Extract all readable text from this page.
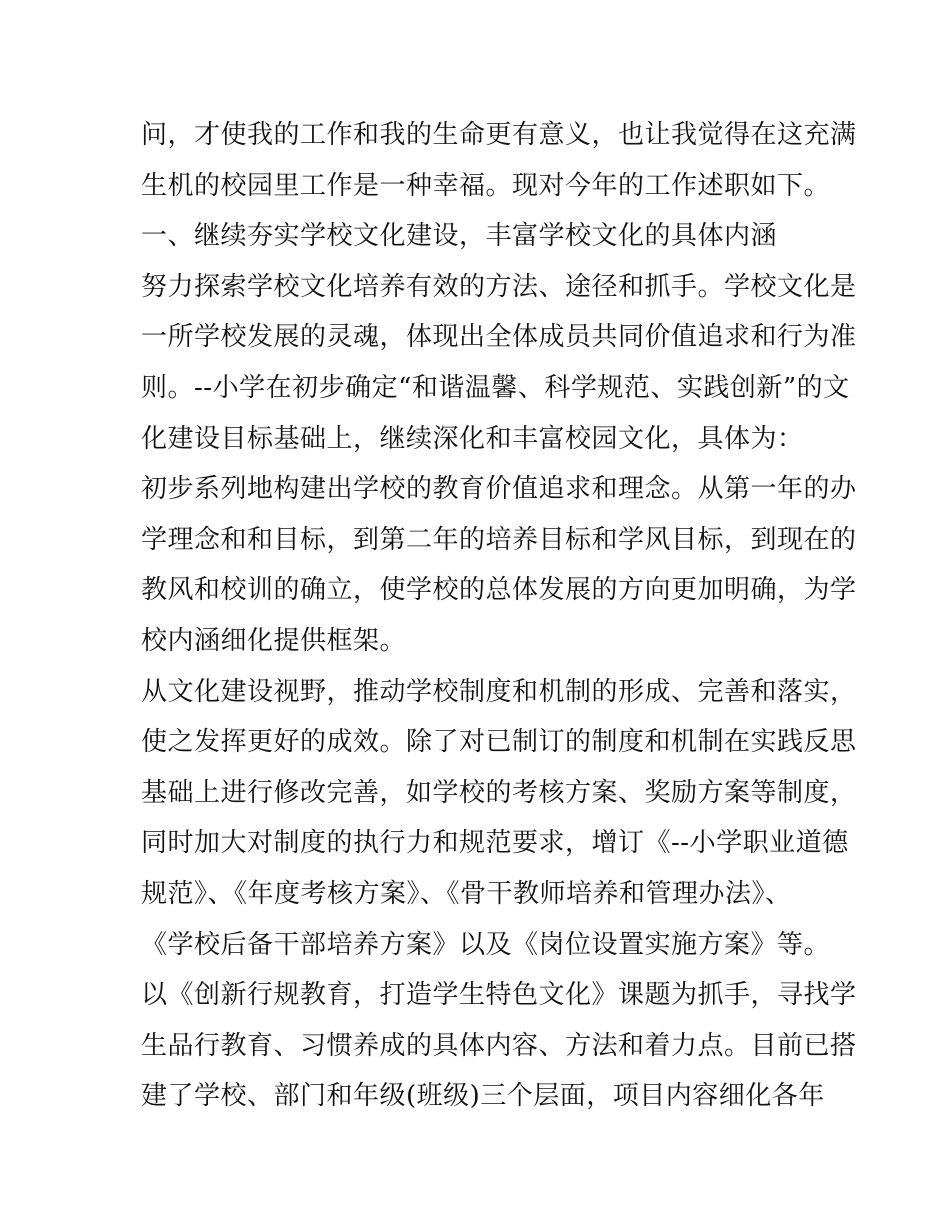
问，才使我的工作和我的生命更有意义，也让我觉得在这充满
生机的校园里工作是一种幸福。现对今年的工作述职如下。
一、继续夯实学校文化建设，丰富学校文化的具体内涵
努力探索学校文化培养有效的方法、途径和抓手。学校文化是
一所学校发展的灵魂，体现出全体成员共同价值追求和行为准
则。--小学在初步确定“和谐温馨、科学规范、实践创新”的文
化建设目标基础上，继续深化和丰富校园文化，具体为：
初步系列地构建出学校的教育价值追求和理念。从第一年的办
学理念和和目标，到第二年的培养目标和学风目标，到现在的
教风和校训的确立，使学校的总体发展的方向更加明确，为学
校内涵细化提供框架。
从文化建设视野，推动学校制度和机制的形成、完善和落实，
使之发挥更好的成效。除了对已制订的制度和机制在实践反思
基础上进行修改完善，如学校的考核方案、奖励方案等制度，
同时加大对制度的执行力和规范要求，增订《--小学职业道德
规范》、《年度考核方案》、《骨干教师培养和管理办法》、
《学校后备干部培养方案》以及《岗位设置实施方案》等。
以《创新行规教育，打造学生特色文化》课题为抓手，寻找学
生品行教育、习惯养成的具体内容、方法和着力点。目前已搭
建了学校、部门和年级(班级)三个层面，项目内容细化各年
